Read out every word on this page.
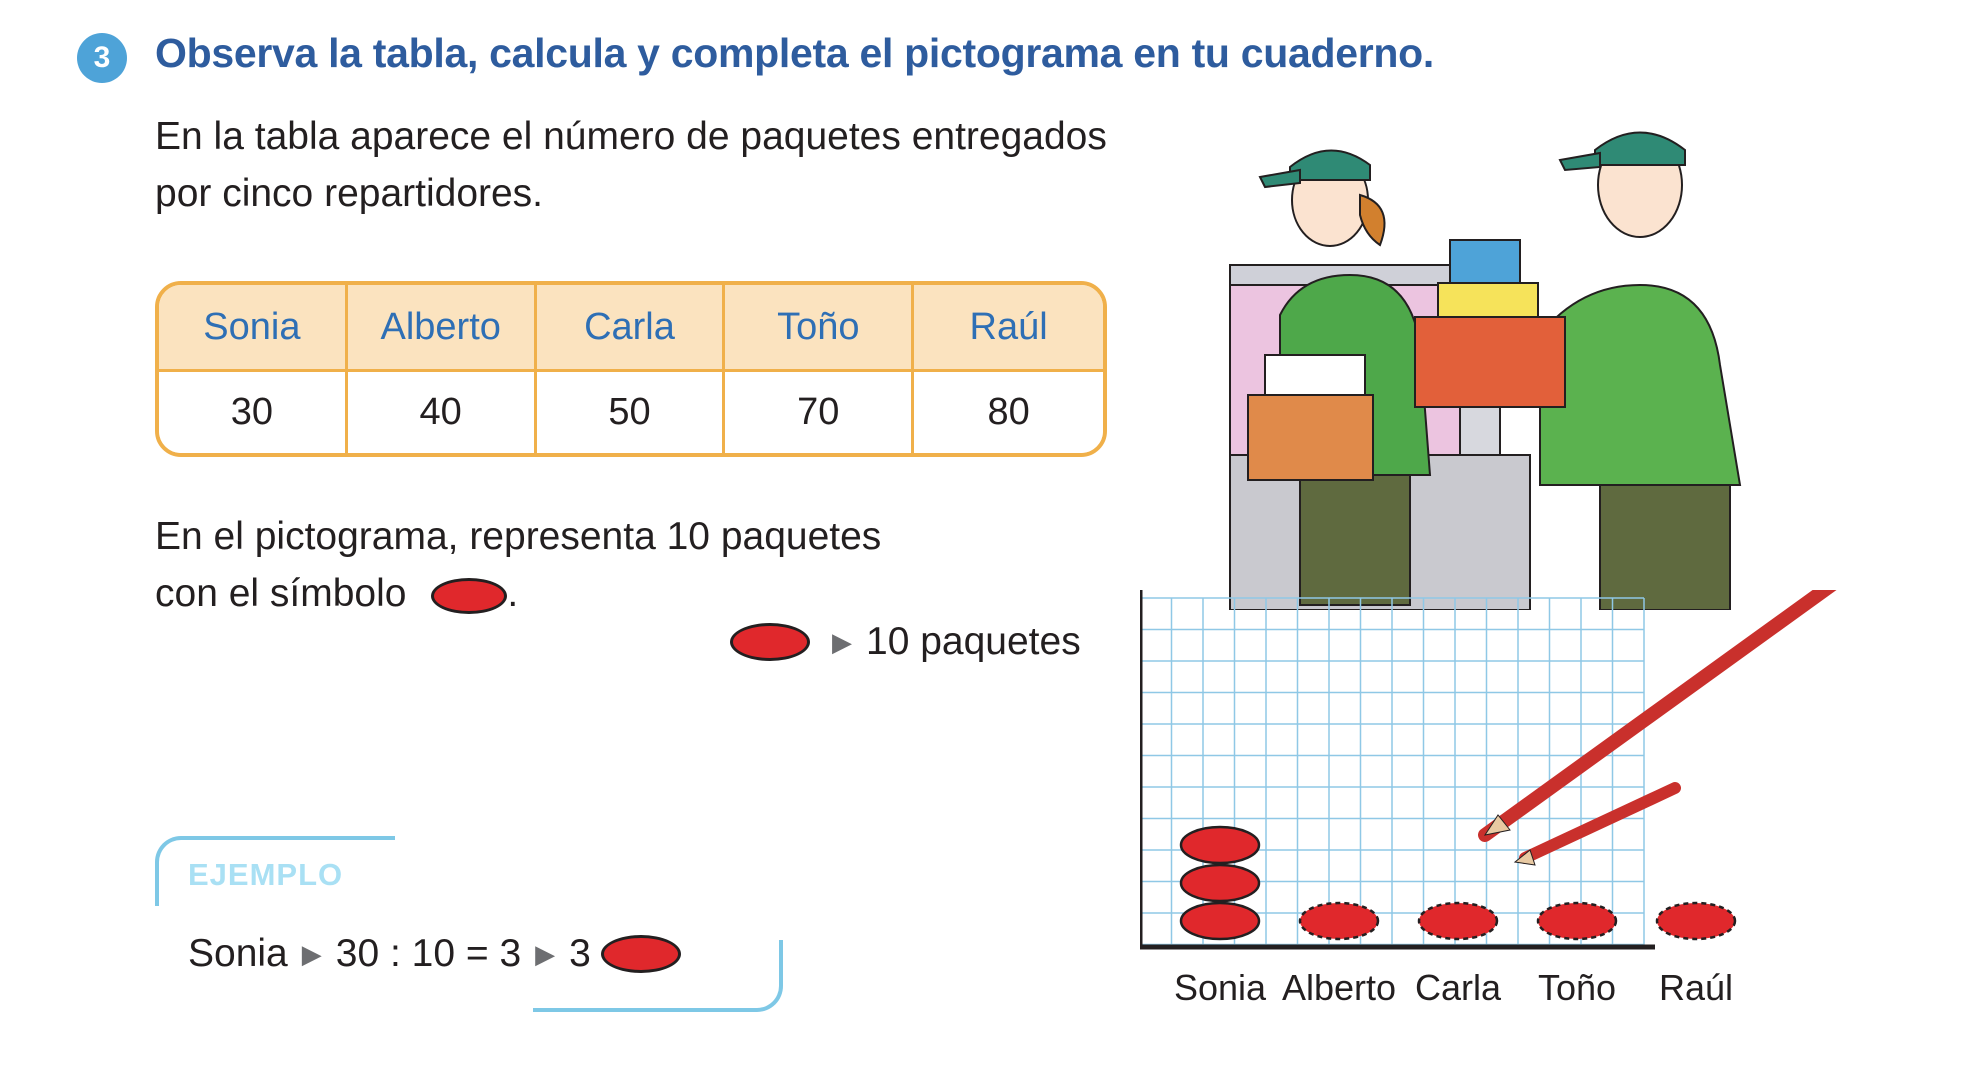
3	Observa la tabla, calcula y completa el pictograma en tu cuaderno.
En la tabla aparece el número de paquetes entregados
por cinco repartidores.
Sonia	Alberto	Carla	Toño	Raúl
30	40	50	70	80
En el pictograma, representa 10 paquetes
con el símbolo	.
▶ 10 paquetes
EJEMPLO
Sonia ▶ 30 : 10 = 3 ▶ 3
Sonia Alberto Carla Toño Raúl
